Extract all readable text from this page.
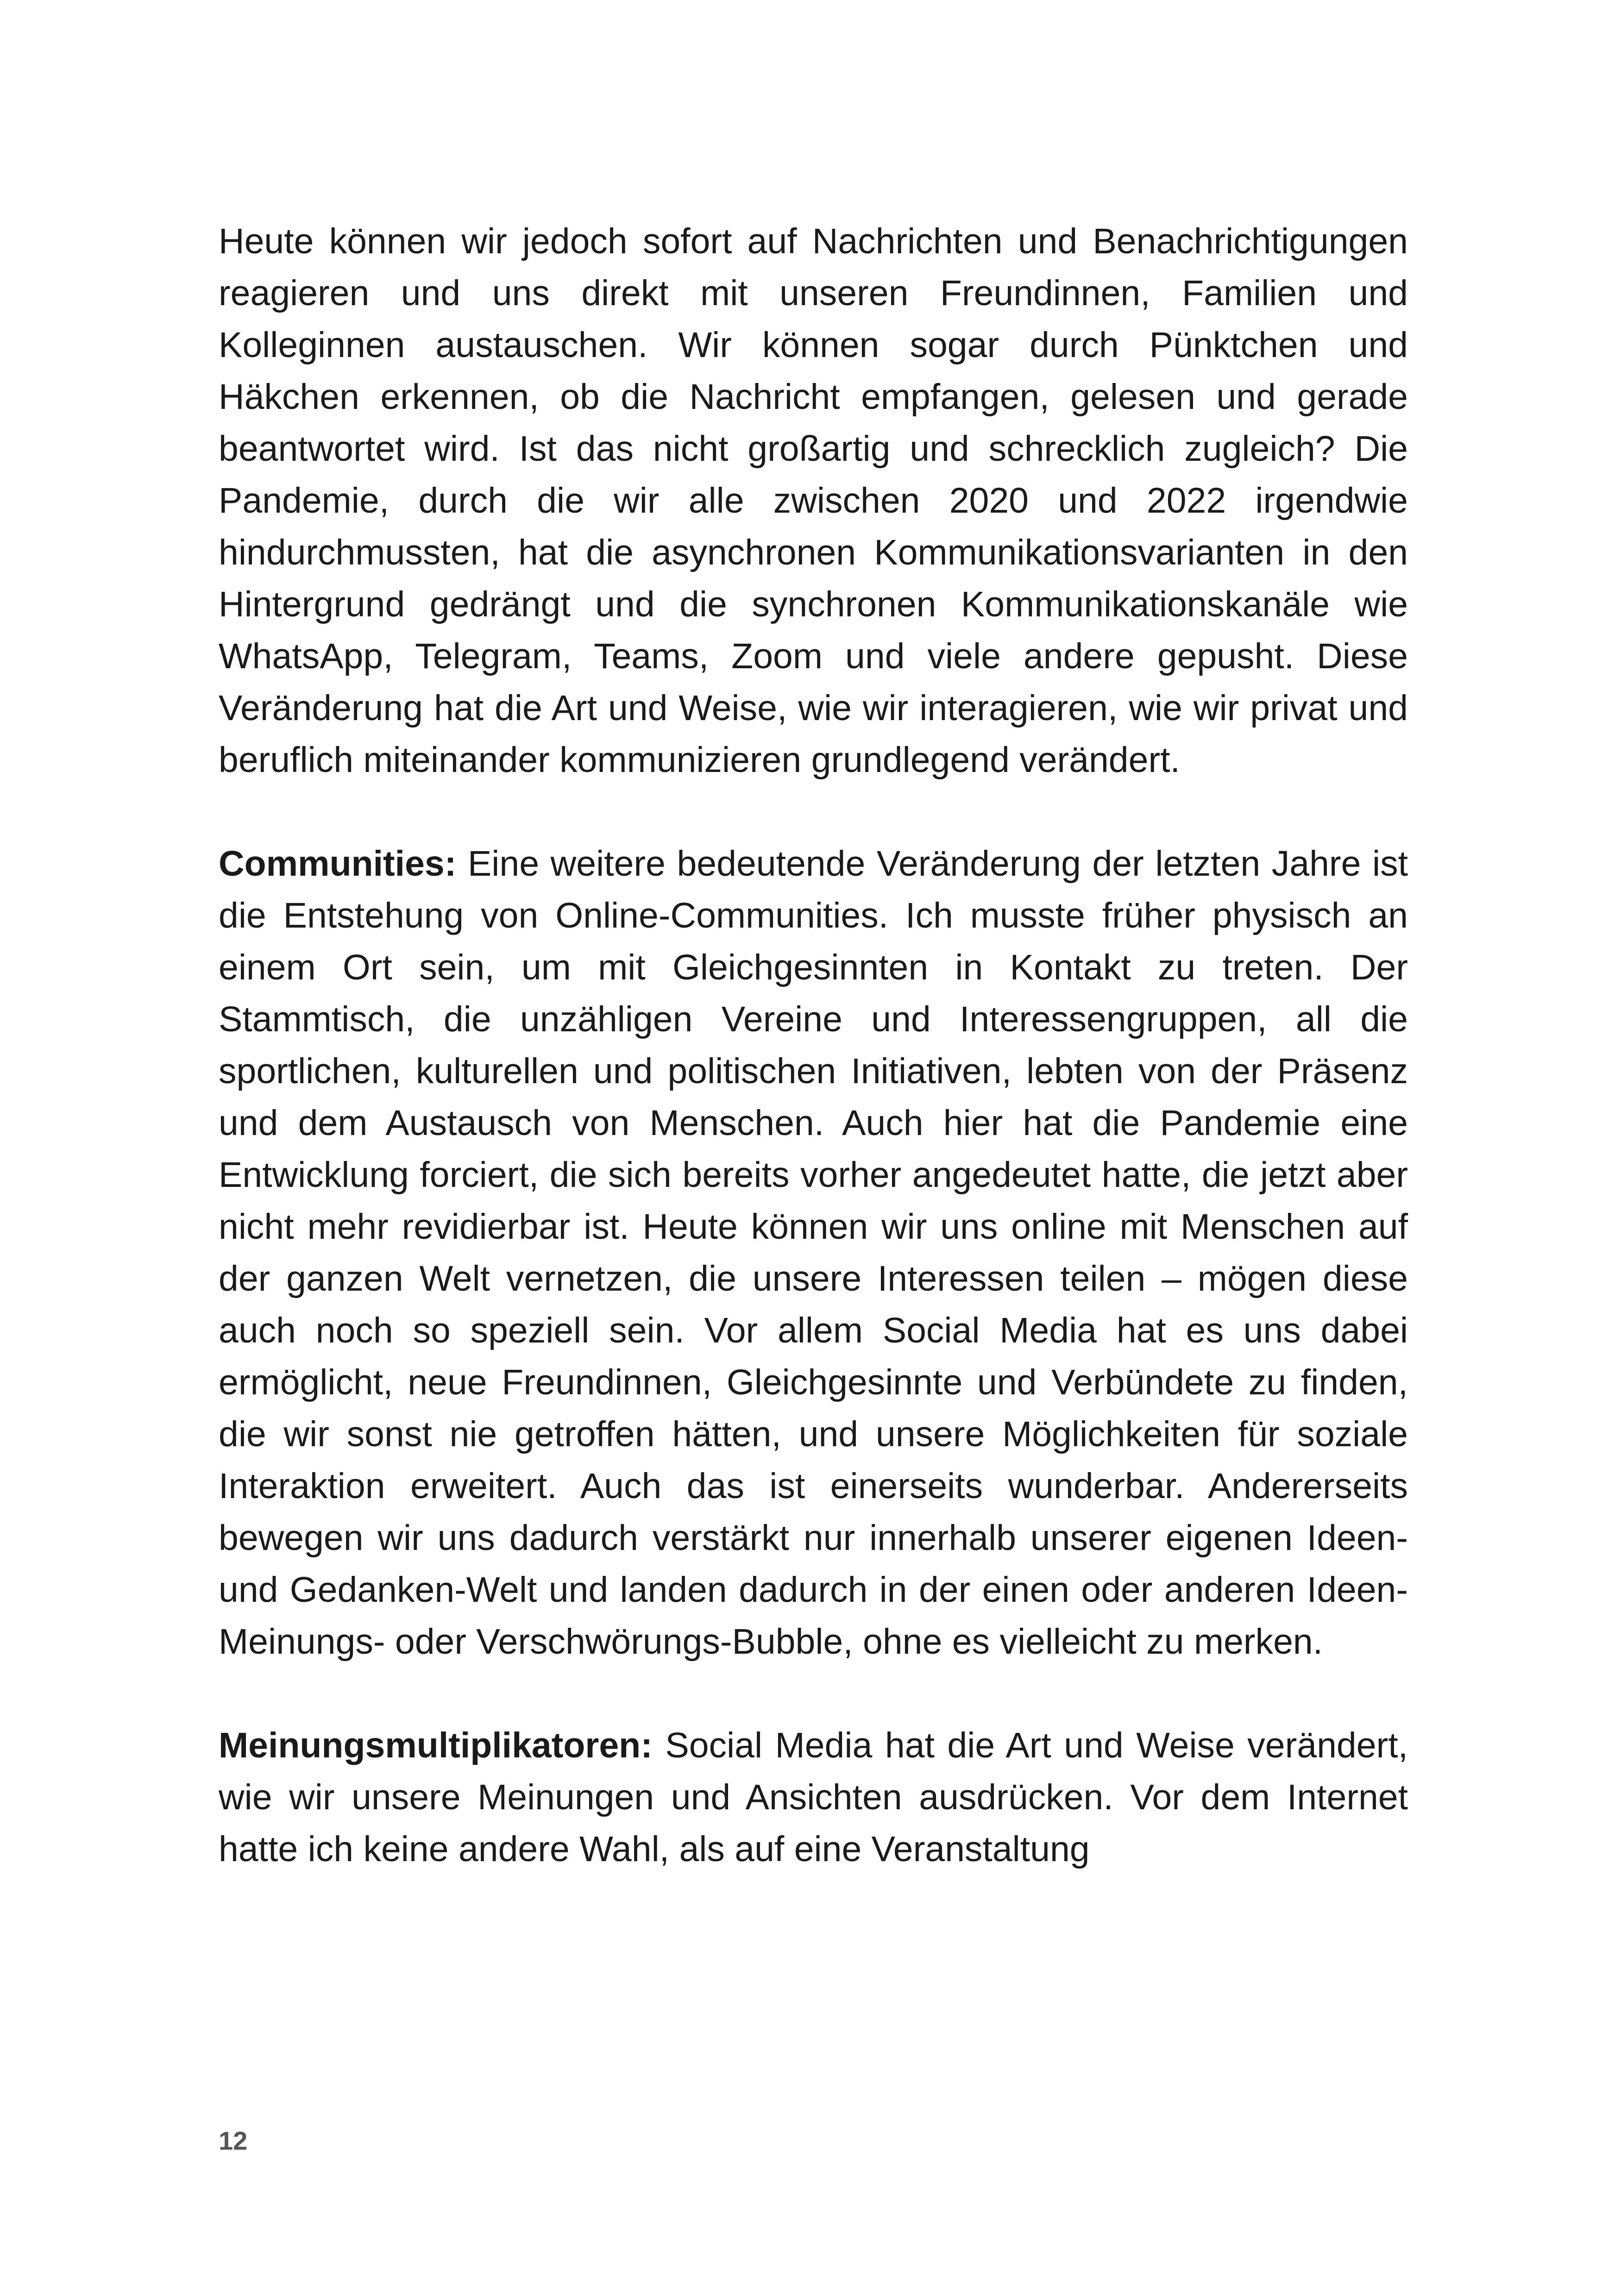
Heute können wir jedoch sofort auf Nachrichten und Benachrichtigungen reagieren und uns direkt mit unseren Freundinnen, Familien und Kolleginnen austauschen. Wir können sogar durch Pünktchen und Häkchen erkennen, ob die Nachricht empfangen, gelesen und gerade beantwortet wird. Ist das nicht großartig und schrecklich zugleich? Die Pandemie, durch die wir alle zwischen 2020 und 2022 irgendwie hindurchmussten, hat die asynchronen Kommunikationsvarianten in den Hintergrund gedrängt und die synchronen Kommunikationskanäle wie WhatsApp, Telegram, Teams, Zoom und viele andere gepusht. Diese Veränderung hat die Art und Weise, wie wir interagieren, wie wir privat und beruflich miteinander kommunizieren grundlegend verändert.

Communities: Eine weitere bedeutende Veränderung der letzten Jahre ist die Entstehung von Online-Communities. Ich musste früher physisch an einem Ort sein, um mit Gleichgesinnten in Kontakt zu treten. Der Stammtisch, die unzähligen Vereine und Interessengruppen, all die sportlichen, kulturellen und politischen Initiativen, lebten von der Präsenz und dem Austausch von Menschen. Auch hier hat die Pandemie eine Entwicklung forciert, die sich bereits vorher angedeutet hatte, die jetzt aber nicht mehr revidierbar ist. Heute können wir uns online mit Menschen auf der ganzen Welt vernetzen, die unsere Interessen teilen – mögen diese auch noch so speziell sein. Vor allem Social Media hat es uns dabei ermöglicht, neue Freundinnen, Gleichgesinnte und Verbündete zu finden, die wir sonst nie getroffen hätten, und unsere Möglichkeiten für soziale Interaktion erweitert. Auch das ist einerseits wunderbar. Andererseits bewegen wir uns dadurch verstärkt nur innerhalb unserer eigenen Ideen- und Gedanken-Welt und landen dadurch in der einen oder anderen Ideen- Meinungs- oder Verschwörungs-Bubble, ohne es vielleicht zu merken.

Meinungsmultiplikatoren: Social Media hat die Art und Weise verändert, wie wir unsere Meinungen und Ansichten ausdrücken. Vor dem Internet hatte ich keine andere Wahl, als auf eine Veranstaltung

12
